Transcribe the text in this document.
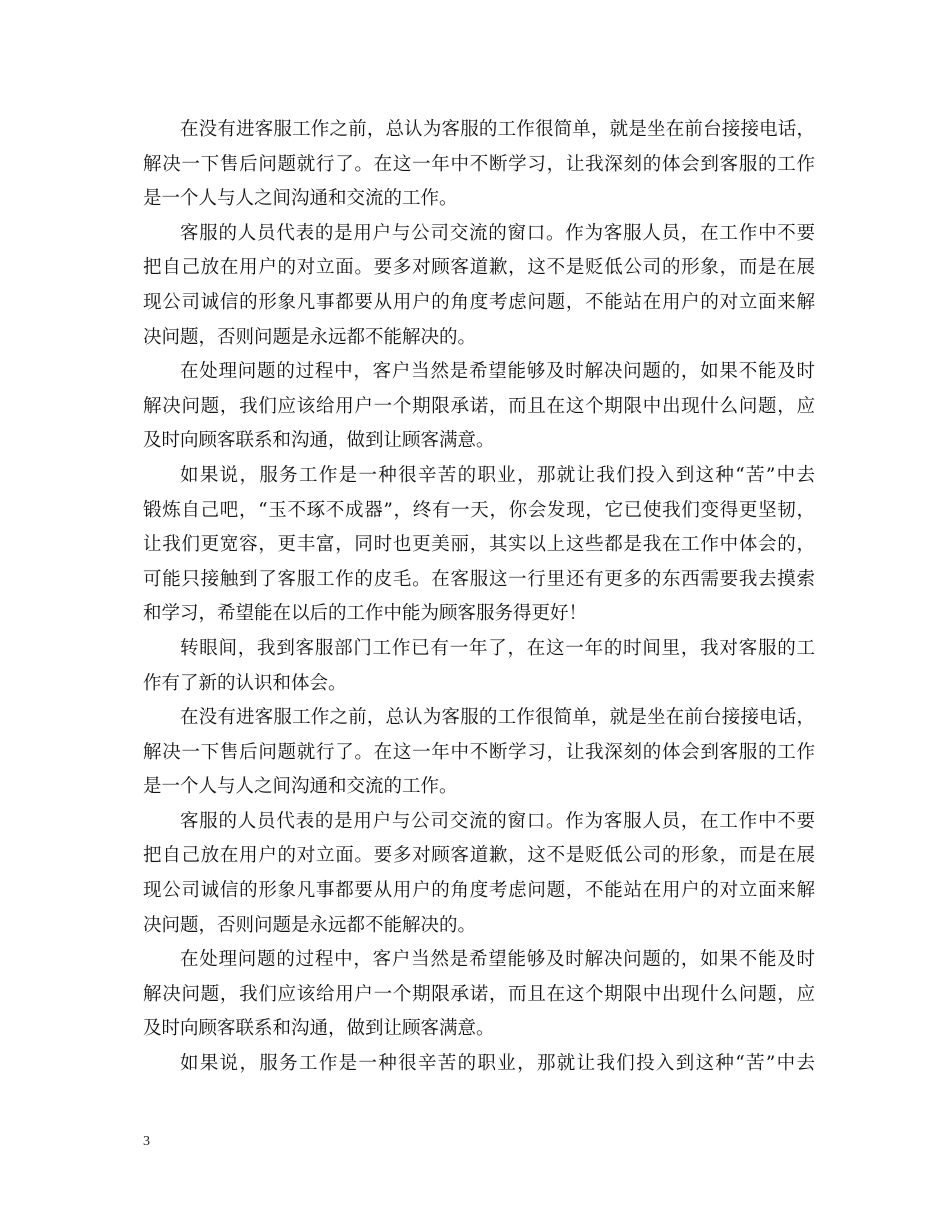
在没有进客服工作之前，总认为客服的工作很简单，就是坐在前台接接电话，
解决一下售后问题就行了。在这一年中不断学习，让我深刻的体会到客服的工作
是一个人与人之间沟通和交流的工作。
客服的人员代表的是用户与公司交流的窗口。作为客服人员，在工作中不要
把自己放在用户的对立面。要多对顾客道歉，这不是贬低公司的形象，而是在展
现公司诚信的形象凡事都要从用户的角度考虑问题，不能站在用户的对立面来解
决问题，否则问题是永远都不能解决的。
在处理问题的过程中，客户当然是希望能够及时解决问题的，如果不能及时
解决问题，我们应该给用户一个期限承诺，而且在这个期限中出现什么问题，应
及时向顾客联系和沟通，做到让顾客满意。
如果说，服务工作是一种很辛苦的职业，那就让我们投入到这种“苦”中去
锻炼自己吧，“玉不琢不成器”，终有一天，你会发现，它已使我们变得更坚韧，
让我们更宽容，更丰富，同时也更美丽，其实以上这些都是我在工作中体会的，
可能只接触到了客服工作的皮毛。在客服这一行里还有更多的东西需要我去摸索
和学习，希望能在以后的工作中能为顾客服务得更好！
转眼间，我到客服部门工作已有一年了，在这一年的时间里，我对客服的工
作有了新的认识和体会。
在没有进客服工作之前，总认为客服的工作很简单，就是坐在前台接接电话，
解决一下售后问题就行了。在这一年中不断学习，让我深刻的体会到客服的工作
是一个人与人之间沟通和交流的工作。
客服的人员代表的是用户与公司交流的窗口。作为客服人员，在工作中不要
把自己放在用户的对立面。要多对顾客道歉，这不是贬低公司的形象，而是在展
现公司诚信的形象凡事都要从用户的角度考虑问题，不能站在用户的对立面来解
决问题，否则问题是永远都不能解决的。
在处理问题的过程中，客户当然是希望能够及时解决问题的，如果不能及时
解决问题，我们应该给用户一个期限承诺，而且在这个期限中出现什么问题，应
及时向顾客联系和沟通，做到让顾客满意。
如果说，服务工作是一种很辛苦的职业，那就让我们投入到这种“苦”中去
3
